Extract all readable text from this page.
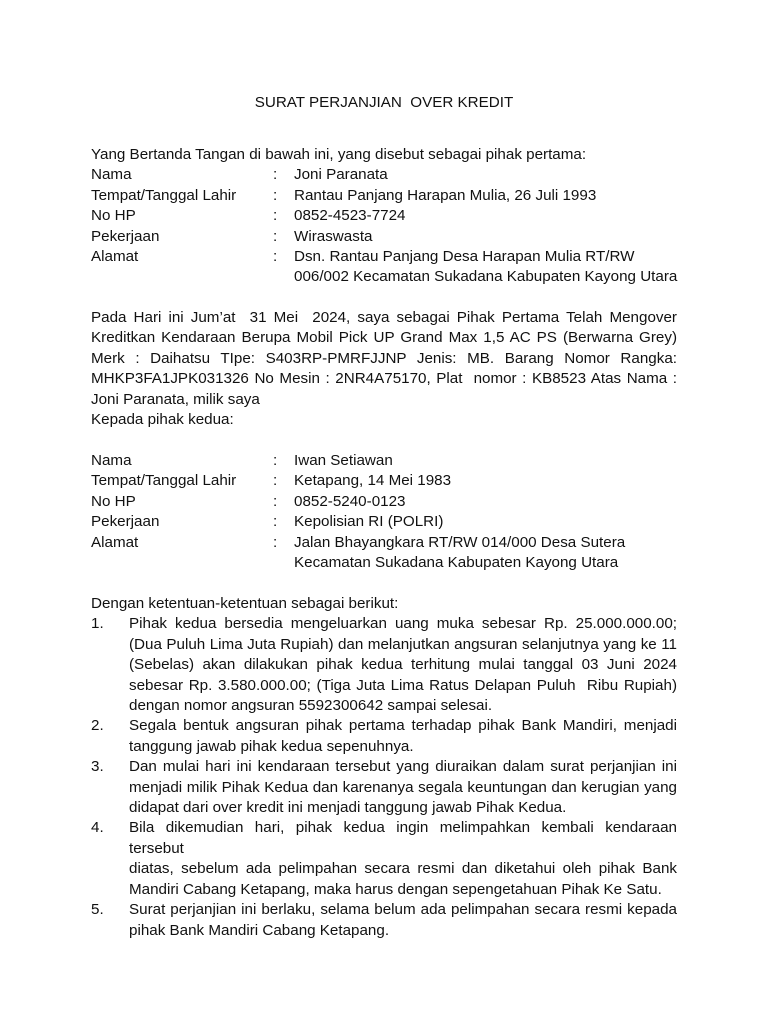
SURAT PERJANJIAN  OVER KREDIT
Yang Bertanda Tangan di bawah ini, yang disebut sebagai pihak pertama:
Nama	: Joni Paranata
Tempat/Tanggal Lahir : Rantau Panjang Harapan Mulia, 26 Juli 1993
No HP	: 0852-4523-7724
Pekerjaan	: Wiraswasta
Alamat	: Dsn. Rantau Panjang Desa Harapan Mulia RT/RW
006/002 Kecamatan Sukadana Kabupaten Kayong Utara
Pada Hari ini Jum’at  31 Mei  2024, saya sebagai Pihak Pertama Telah Mengover
Kreditkan Kendaraan Berupa Mobil Pick UP Grand Max 1,5 AC PS (Berwarna Grey)
Merk : Daihatsu TIpe: S403RP-PMRFJJNP Jenis: MB. Barang Nomor Rangka:
MHKP3FA1JPK031326 No Mesin : 2NR4A75170, Plat  nomor : KB8523 Atas Nama :
Joni Paranata, milik saya
Kepada pihak kedua:
Nama	: Iwan Setiawan
Tempat/Tanggal Lahir : Ketapang, 14 Mei 1983
No HP	: 0852-5240-0123
Pekerjaan	: Kepolisian RI (POLRI)
Alamat	: Jalan Bhayangkara RT/RW 014/000 Desa Sutera
Kecamatan Sukadana Kabupaten Kayong Utara
Dengan ketentuan-ketentuan sebagai berikut:
1. Pihak kedua bersedia mengeluarkan uang muka sebesar Rp. 25.000.000.00;
(Dua Puluh Lima Juta Rupiah) dan melanjutkan angsuran selanjutnya yang ke 11
(Sebelas) akan dilakukan pihak kedua terhitung mulai tanggal 03 Juni 2024
sebesar Rp. 3.580.000.00; (Tiga Juta Lima Ratus Delapan Puluh  Ribu Rupiah)
dengan nomor angsuran 5592300642 sampai selesai.
2. Segala bentuk angsuran pihak pertama terhadap pihak Bank Mandiri, menjadi
tanggung jawab pihak kedua sepenuhnya.
3. Dan mulai hari ini kendaraan tersebut yang diuraikan dalam surat perjanjian ini
menjadi milik Pihak Kedua dan karenanya segala keuntungan dan kerugian yang
didapat dari over kredit ini menjadi tanggung jawab Pihak Kedua.
4. Bila dikemudian hari, pihak kedua ingin melimpahkan kembali kendaraan tersebut
diatas, sebelum ada pelimpahan secara resmi dan diketahui oleh pihak Bank
Mandiri Cabang Ketapang, maka harus dengan sepengetahuan Pihak Ke Satu.
5. Surat perjanjian ini berlaku, selama belum ada pelimpahan secara resmi kepada
pihak Bank Mandiri Cabang Ketapang.
